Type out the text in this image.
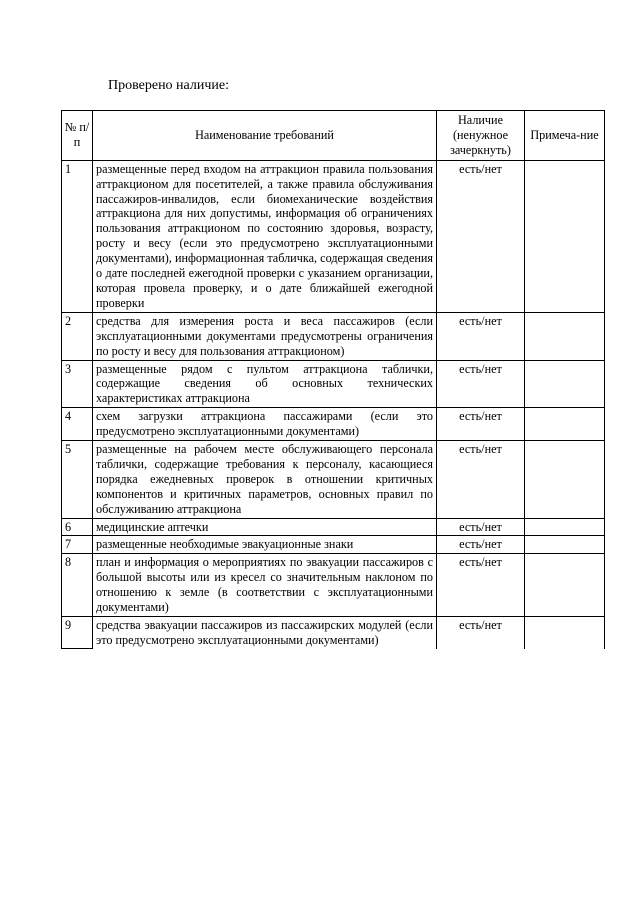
Проверено наличие:
№ п/п	Наименование требований	Наличие (ненужное зачеркнуть)	Примеча-ние
1	размещенные перед входом на аттракцион правила пользования аттракционом для посетителей, а также правила обслуживания пассажиров-инвалидов, если биомеханические воздействия аттракциона для них допустимы, информация об ограничениях пользования аттракционом по состоянию здоровья, возрасту, росту и весу (если это предусмотрено эксплуатационными документами), информационная табличка, содержащая сведения о дате последней ежегодной проверки с указанием организации, которая провела проверку, и о дате ближайшей ежегодной проверки	есть/нет	
2	средства для измерения роста и веса пассажиров (если эксплуатационными документами предусмотрены ограничения по росту и весу для пользования аттракционом)	есть/нет	
3	размещенные рядом с пультом аттракциона таблички, содержащие сведения об основных технических характеристиках аттракциона	есть/нет	
4	схем загрузки аттракциона пассажирами (если это предусмотрено эксплуатационными документами)	есть/нет	
5	размещенные на рабочем месте обслуживающего персонала таблички, содержащие требования к персоналу, касающиеся порядка ежедневных проверок в отношении критичных компонентов и критичных параметров, основных правил по обслуживанию аттракциона	есть/нет	
6	медицинские аптечки	есть/нет	
7	размещенные необходимые эвакуационные знаки	есть/нет	
8	план и информация о мероприятиях по эвакуации пассажиров с большой высоты или из кресел со значительным наклоном по отношению к земле (в соответствии с эксплуатационными документами)	есть/нет	
9	средства эвакуации пассажиров из пассажирских модулей (если это предусмотрено эксплуатационными документами)	есть/нет	
